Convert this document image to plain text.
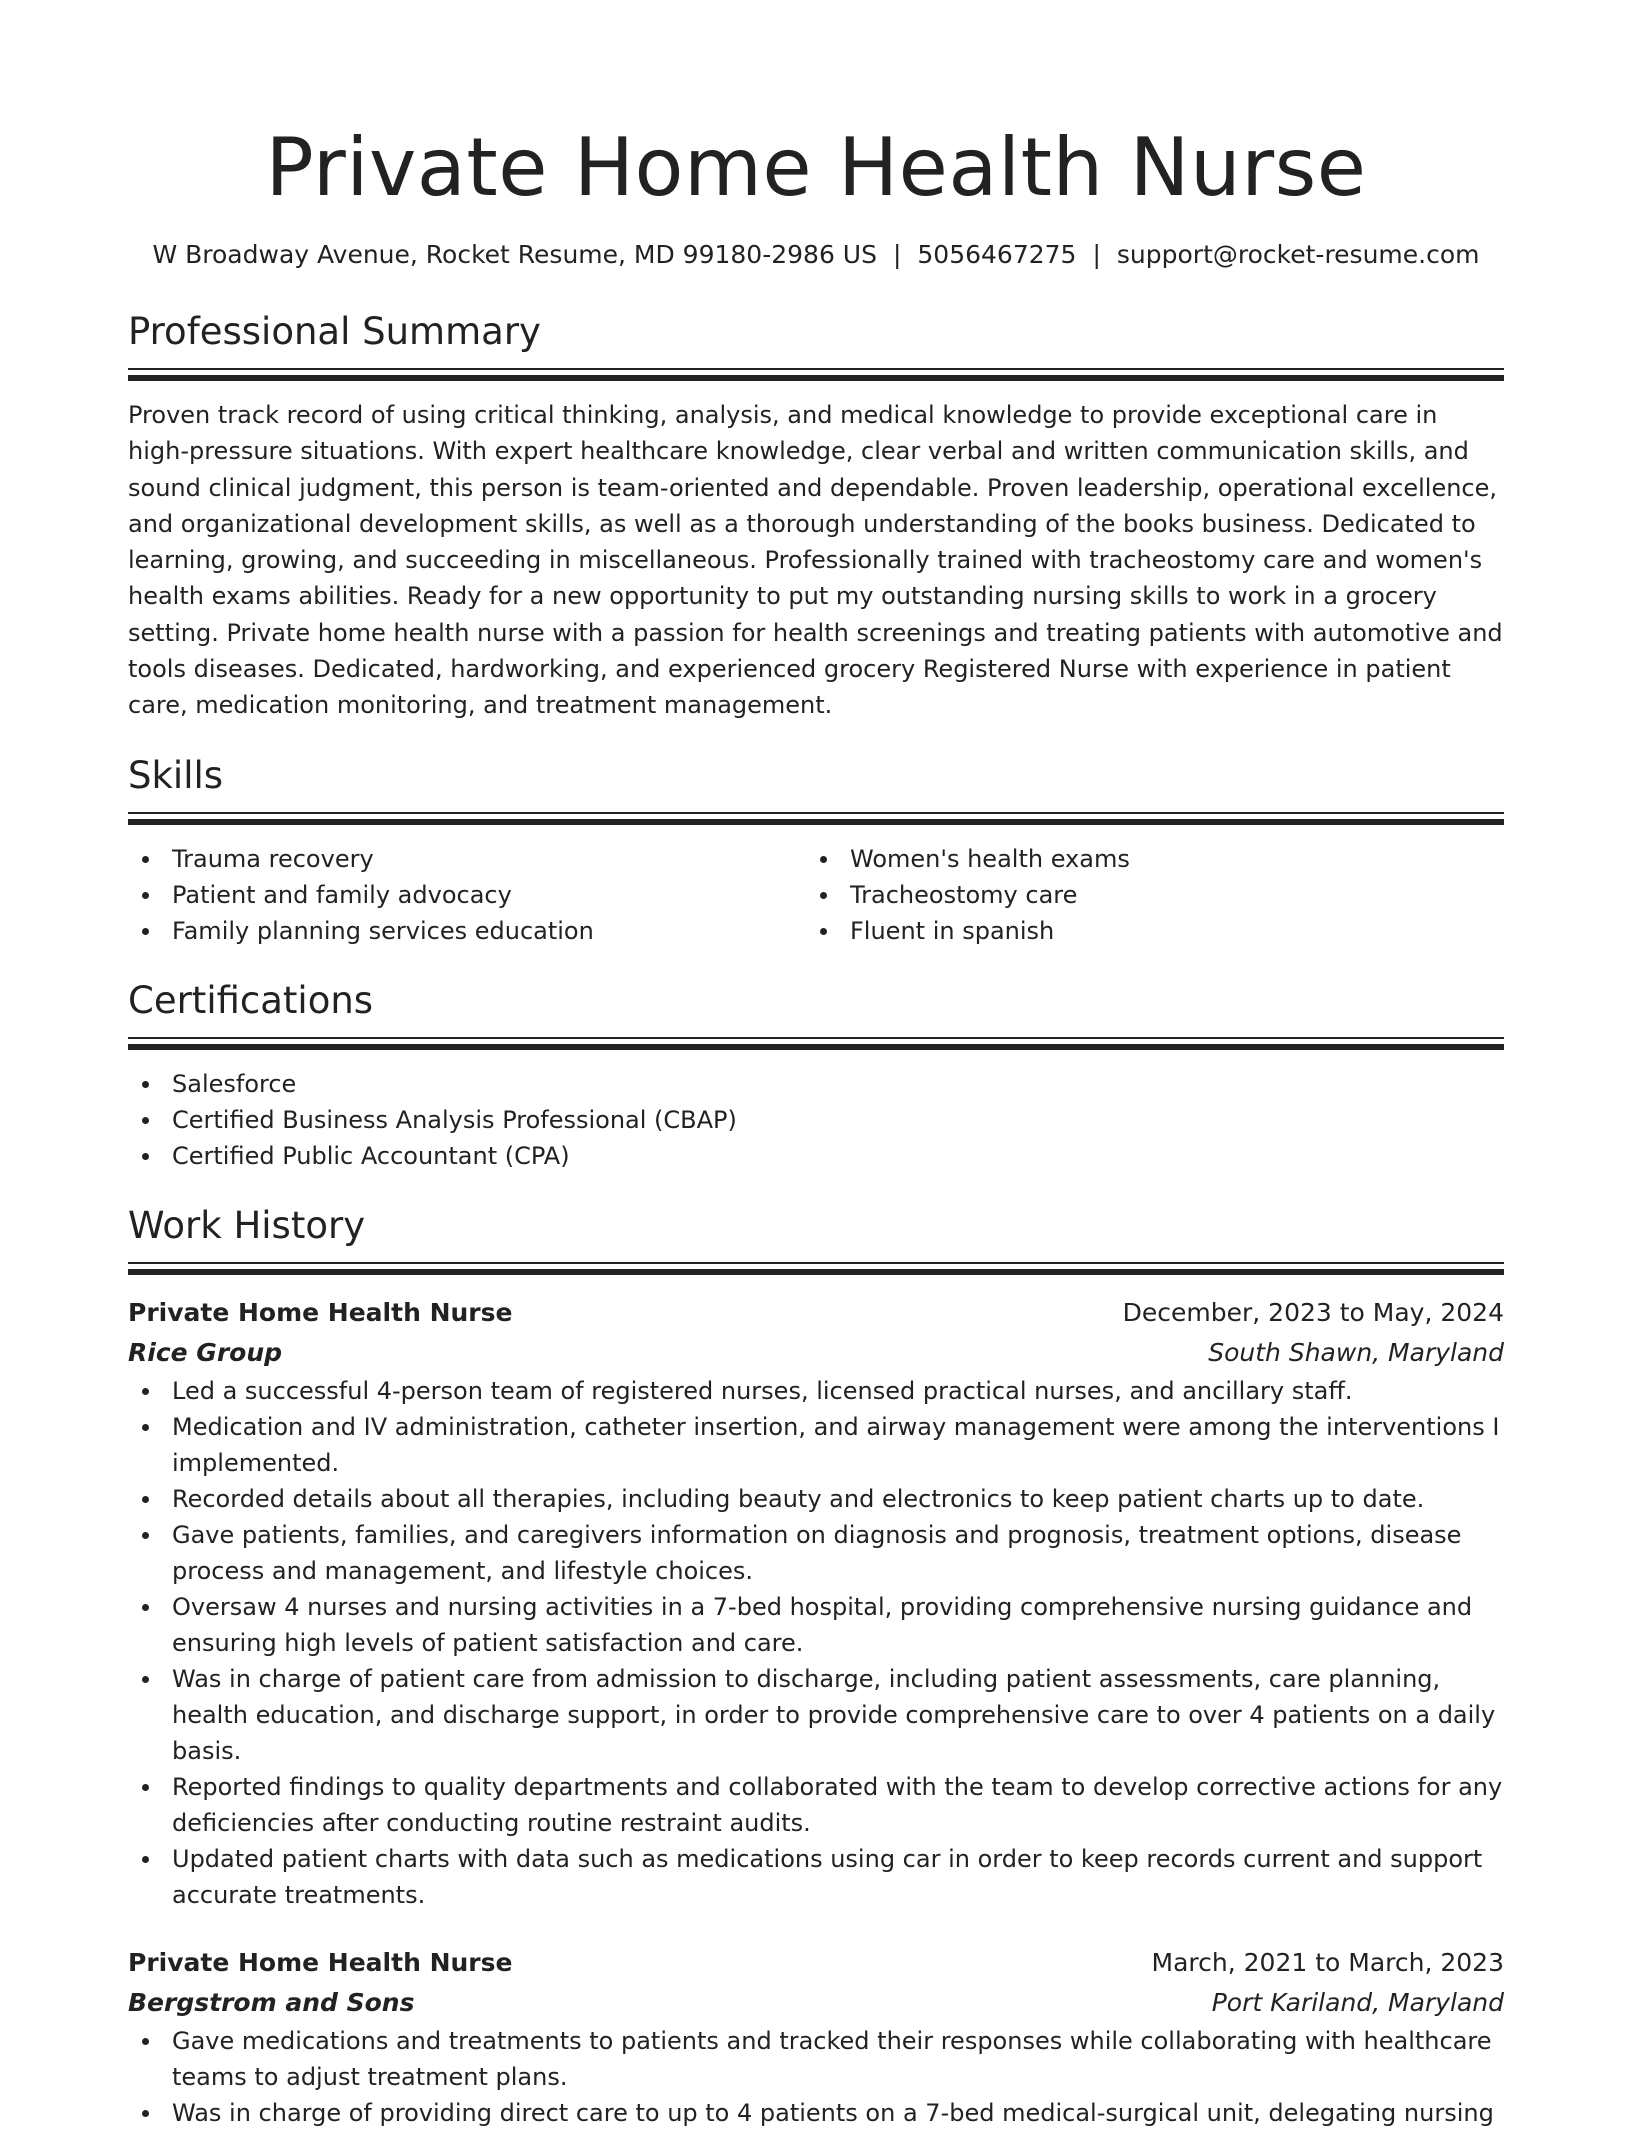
Private Home Health Nurse
W Broadway Avenue, Rocket Resume, MD 99180-2986 US | 5056467275 | support@rocket-resume.com
Professional Summary
Proven track record of using critical thinking, analysis, and medical knowledge to provide exceptional care in high-pressure situations. With expert healthcare knowledge, clear verbal and written communication skills, and sound clinical judgment, this person is team-oriented and dependable. Proven leadership, operational excellence, and organizational development skills, as well as a thorough understanding of the books business. Dedicated to learning, growing, and succeeding in miscellaneous. Professionally trained with tracheostomy care and women's health exams abilities. Ready for a new opportunity to put my outstanding nursing skills to work in a grocery setting. Private home health nurse with a passion for health screenings and treating patients with automotive and tools diseases. Dedicated, hardworking, and experienced grocery Registered Nurse with experience in patient care, medication monitoring, and treatment management.
Skills
Trauma recovery
Patient and family advocacy
Family planning services education
Women's health exams
Tracheostomy care
Fluent in spanish
Certifications
Salesforce
Certified Business Analysis Professional (CBAP)
Certified Public Accountant (CPA)
Work History
Private Home Health Nurse	December, 2023 to May, 2024
Rice Group	South Shawn, Maryland
Led a successful 4-person team of registered nurses, licensed practical nurses, and ancillary staff.
Medication and IV administration, catheter insertion, and airway management were among the interventions I implemented.
Recorded details about all therapies, including beauty and electronics to keep patient charts up to date.
Gave patients, families, and caregivers information on diagnosis and prognosis, treatment options, disease process and management, and lifestyle choices.
Oversaw 4 nurses and nursing activities in a 7-bed hospital, providing comprehensive nursing guidance and ensuring high levels of patient satisfaction and care.
Was in charge of patient care from admission to discharge, including patient assessments, care planning, health education, and discharge support, in order to provide comprehensive care to over 4 patients on a daily basis.
Reported findings to quality departments and collaborated with the team to develop corrective actions for any deficiencies after conducting routine restraint audits.
Updated patient charts with data such as medications using car in order to keep records current and support accurate treatments.
Private Home Health Nurse	March, 2021 to March, 2023
Bergstrom and Sons	Port Kariland, Maryland
Gave medications and treatments to patients and tracked their responses while collaborating with healthcare teams to adjust treatment plans.
Was in charge of providing direct care to up to 4 patients on a 7-bed medical-surgical unit, delegating nursing
